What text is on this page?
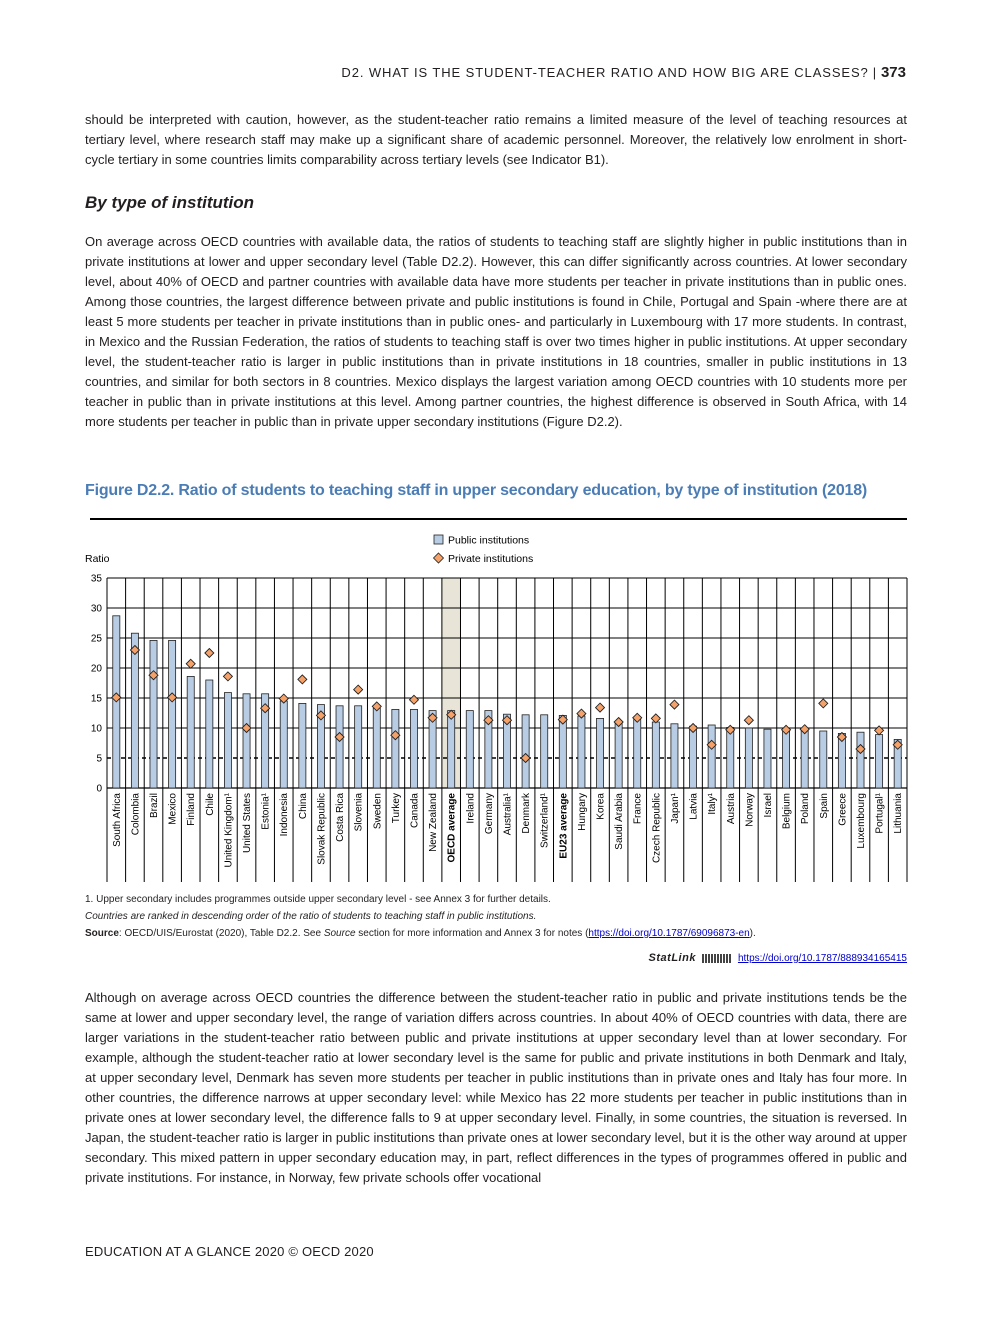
D2. WHAT IS THE STUDENT-TEACHER RATIO AND HOW BIG ARE CLASSES? | 373

should be interpreted with caution, however, as the student-teacher ratio remains a limited measure of the level of teaching resources at tertiary level, where research staff may make up a significant share of academic personnel. Moreover, the relatively low enrolment in short-cycle tertiary in some countries limits comparability across tertiary levels (see Indicator B1).

By type of institution

On average across OECD countries with available data, the ratios of students to teaching staff are slightly higher in public institutions than in private institutions at lower and upper secondary level (Table D2.2). However, this can differ significantly across countries. At lower secondary level, about 40% of OECD and partner countries with available data have more students per teacher in private institutions than in public ones. Among those countries, the largest difference between private and public institutions is found in Chile, Portugal and Spain -where there are at least 5 more students per teacher in private institutions than in public ones- and particularly in Luxembourg with 17 more students. In contrast, in Mexico and the Russian Federation, the ratios of students to teaching staff is over two times higher in public institutions. At upper secondary level, the student-teacher ratio is larger in public institutions than in private institutions in 18 countries, smaller in public institutions in 13 countries, and similar for both sectors in 8 countries. Mexico displays the largest variation among OECD countries with 10 students more per teacher in public than in private institutions at this level. Among partner countries, the highest difference is observed in South Africa, with 14 more students per teacher in public than in private upper secondary institutions (Figure D2.2).

Figure D2.2. Ratio of students to teaching staff in upper secondary education, by type of institution (2018)
Public institutions
Private institutions
Ratio
0
5
10
15
20
25
30
35
South Africa Colombia Brazil Mexico Finland Chile United Kingdom¹ United States Estonia¹ Indonesia China Slovak Republic Costa Rica Slovenia Sweden Turkey Canada New Zealand OECD average Ireland Germany Australia¹ Denmark Switzerland¹ EU23 average Hungary Korea Saudi Arabia France Czech Republic Japan¹ Latvia Italy¹ Austria Norway Israel Belgium Poland Spain Greece Luxembourg Portugal¹ Lithuania

1. Upper secondary includes programmes outside upper secondary level - see Annex 3 for further details.

Countries are ranked in descending order of the ratio of students to teaching staff in public institutions.

Source: OECD/UIS/Eurostat (2020), Table D2.2. See Source section for more information and Annex 3 for notes (https://doi.org/10.1787/69096873-en).

StatLink	https://doi.org/10.1787/888934165415

Although on average across OECD countries the difference between the student-teacher ratio in public and private institutions tends be the same at lower and upper secondary level, the range of variation differs across countries. In about 40% of OECD countries with data, there are larger variations in the student-teacher ratio between public and private institutions at upper secondary level than at lower secondary. For example, although the student-teacher ratio at lower secondary level is the same for public and private institutions in both Denmark and Italy, at upper secondary level, Denmark has seven more students per teacher in public institutions than in private ones and Italy has four more. In other countries, the difference narrows at upper secondary level: while Mexico has 22 more students per teacher in public institutions than in private ones at lower secondary level, the difference falls to 9 at upper secondary level. Finally, in some countries, the situation is reversed. In Japan, the student-teacher ratio is larger in public institutions than private ones at lower secondary level, but it is the other way around at upper secondary. This mixed pattern in upper secondary education may, in part, reflect differences in the types of programmes offered in public and private institutions. For instance, in Norway, few private schools offer vocational

EDUCATION AT A GLANCE 2020 © OECD 2020
